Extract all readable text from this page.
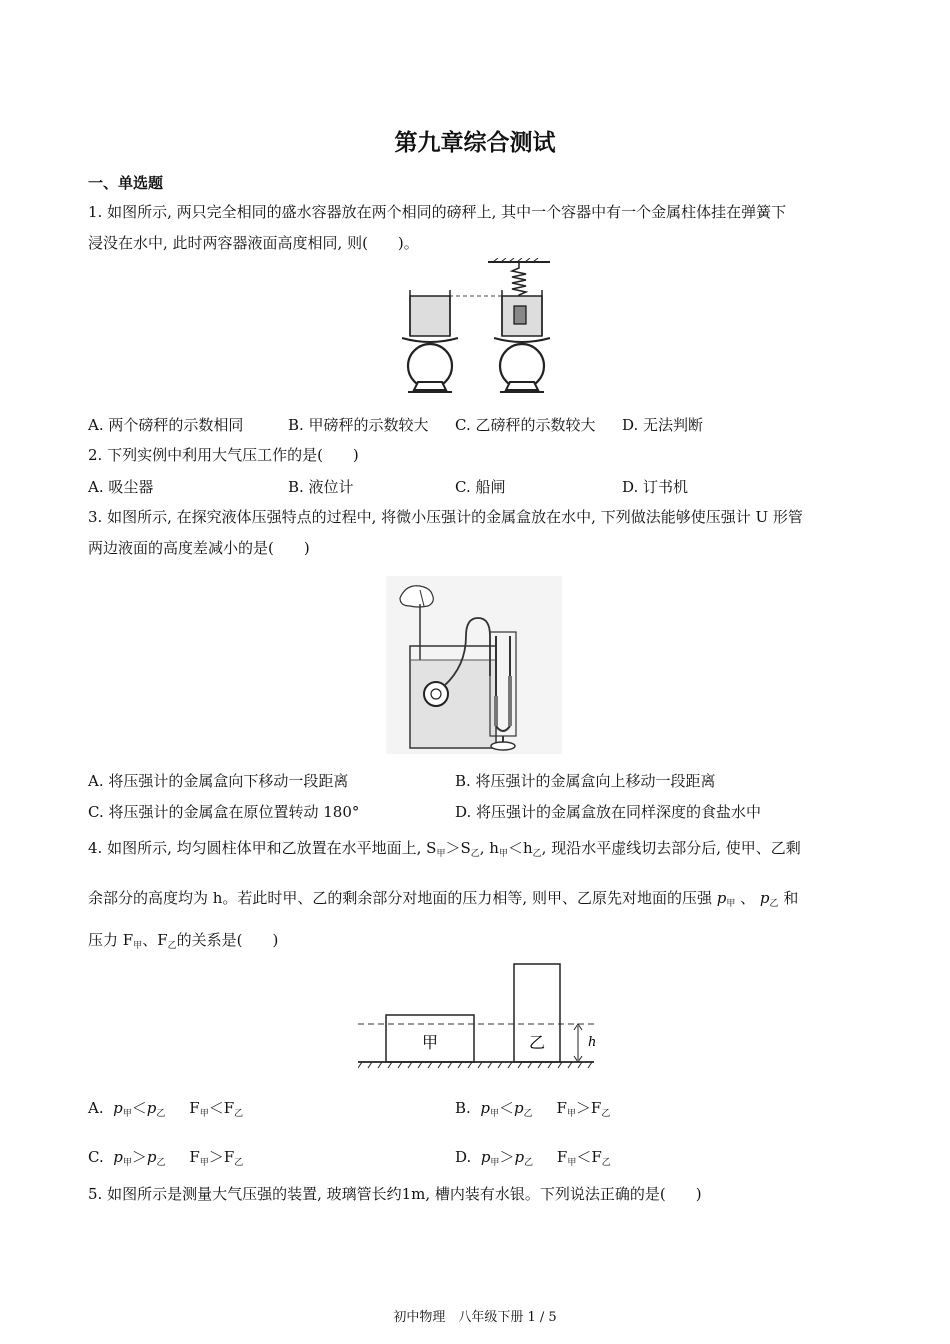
第九章综合测试
一、单选题
1. 如图所示, 两只完全相同的盛水容器放在两个相同的磅秤上, 其中一个容器中有一个金属柱体挂在弹簧下
浸没在水中, 此时两容器液面高度相同, 则(　　)。
A. 两个磅秤的示数相同	B. 甲磅秤的示数较大 C. 乙磅秤的示数较大 D. 无法判断
2. 下列实例中利用大气压工作的是(　　)
A. 吸尘器	B. 液位计	C. 船闸	D. 订书机
3. 如图所示, 在探究液体压强特点的过程中, 将微小压强计的金属盒放在水中, 下列做法能够使压强计 U 形管
两边液面的高度差减小的是(　　)
A. 将压强计的金属盒向下移动一段距离	B. 将压强计的金属盒向上移动一段距离
C. 将压强计的金属盒在原位置转动 180°	D. 将压强计的金属盒放在同样深度的食盐水中
4. 如图所示, 均匀圆柱体甲和乙放置在水平地面上, $S_甲>S_乙$, $h_甲<h_乙$, 现沿水平虚线切去部分后, 使甲、乙剩
余部分的高度均为 h。若此时甲、乙的剩余部分对地面的压力相等, 则甲、乙原先对地面的压强 $p_甲$ 、 $p_乙$ 和
压力 $F_甲$、$F_乙$的关系是(　　)
甲	乙	h
A. $p_甲<p_乙$ $F_甲<F_乙$	B. $p_甲<p_乙$ $F_甲>F_乙$
C. $p_甲>p_乙$ $F_甲>F_乙$	D. $p_甲>p_乙$ $F_甲<F_乙$
5. 如图所示是测量大气压强的装置, 玻璃管长约1m, 槽内装有水银。下列说法正确的是(　　)
初中物理　八年级下册 1 / 5
